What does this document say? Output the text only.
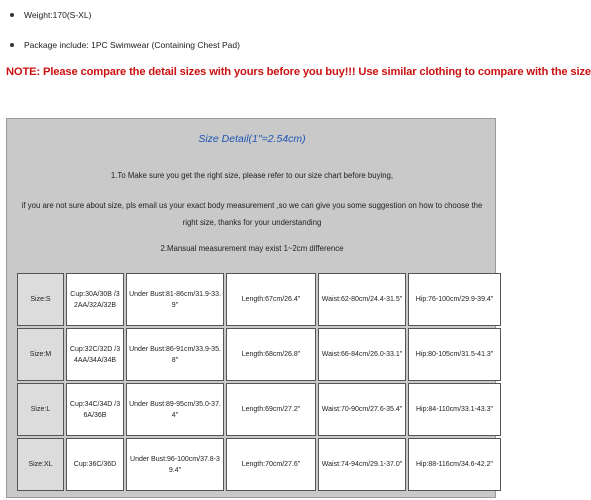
Weight:170(S-XL)
Package include: 1PC Swimwear (Containing Chest Pad)
NOTE: Please compare the detail sizes with yours before you buy!!! Use similar clothing to compare with the size
Size Detail(1"=2.54cm)
1.To Make sure you get the right size, please refer to our size chart before buying,
if you are not sure about size, pls email us your exact body measurement ,so we can give you some suggestion on how to choose the right size, thanks for your understanding
2.Mansual measurement may exist 1~2cm difference
Size:S	Cup:30A/30B /32AA/32A/32B	Under Bust:81-86cm/31.9-33.9"	Length:67cm/26.4"	Waist:62-80cm/24.4-31.5"	Hip:76-100cm/29.9-39.4"
Size:M	Cup:32C/32D /34AA/34A/34B	Under Bust:86-91cm/33.9-35.8"	Length:68cm/26.8"	Waist:66-84cm/26.0-33.1"	Hip:80-105cm/31.5-41.3"
Size:L	Cup:34C/34D /36A/36B	Under Bust:89-95cm/35.0-37.4"	Length:69cm/27.2"	Waist:70-90cm/27.6-35.4"	Hip:84-110cm/33.1-43.3"
Size:XL	Cup:36C/36D	Under Bust:96-100cm/37.8-39.4"	Length:70cm/27.6"	Waist:74-94cm/29.1-37.0"	Hip:88-116cm/34.6-42.2"
